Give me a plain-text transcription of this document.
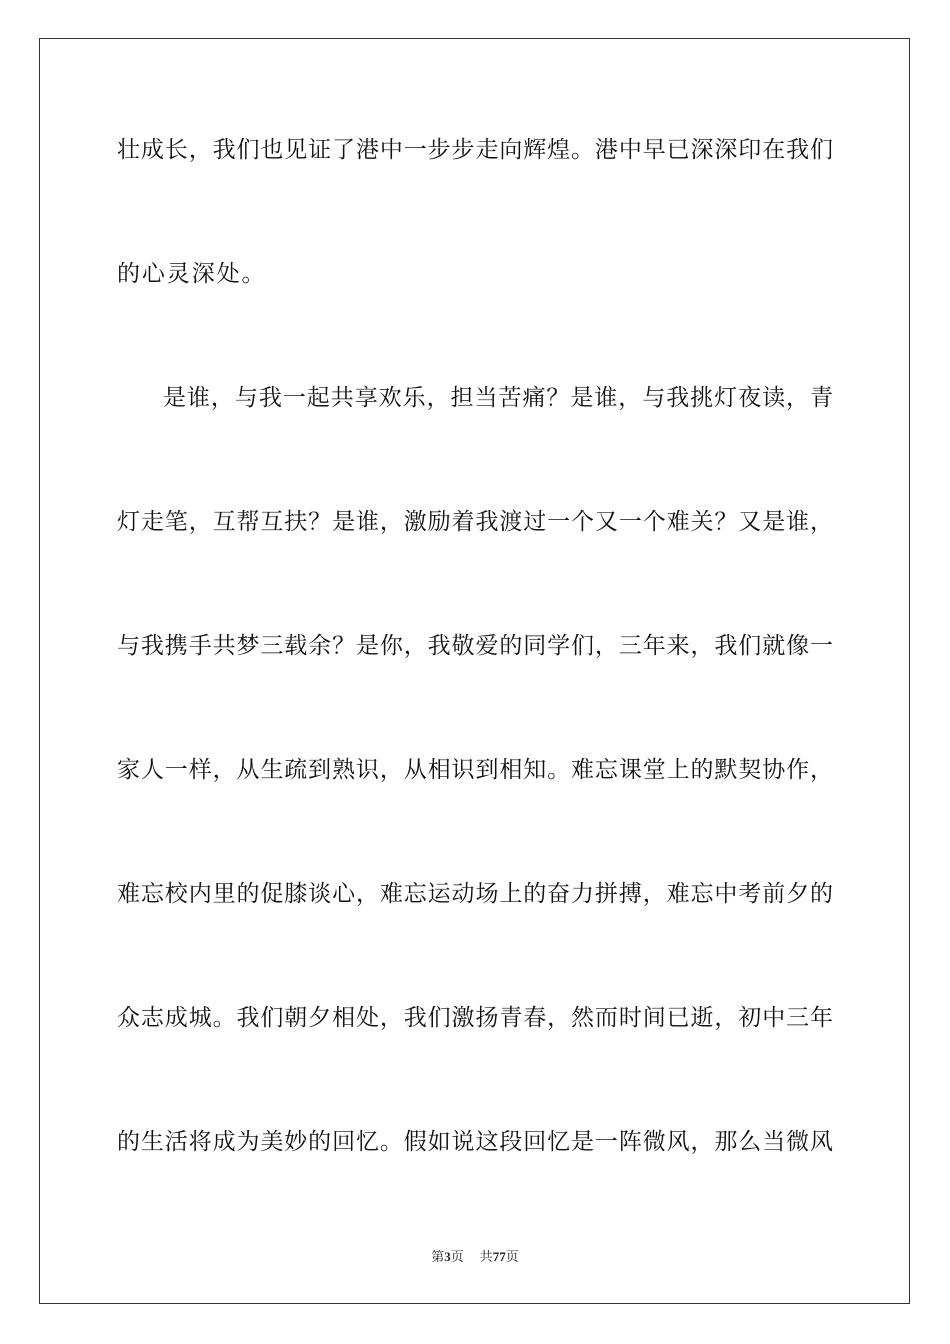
壮成长，我们也见证了港中一步步走向辉煌。港中早已深深印在我们
的心灵深处。
是谁，与我一起共享欢乐，担当苦痛？是谁，与我挑灯夜读，青
灯走笔，互帮互扶？是谁，激励着我渡过一个又一个难关？又是谁，
与我携手共梦三载余？是你，我敬爱的同学们，三年来，我们就像一
家人一样，从生疏到熟识，从相识到相知。难忘课堂上的默契协作，
难忘校内里的促膝谈心，难忘运动场上的奋力拼搏，难忘中考前夕的
众志成城。我们朝夕相处，我们激扬青春，然而时间已逝，初中三年
的生活将成为美妙的回忆。假如说这段回忆是一阵微风，那么当微风
第3页 共77页
